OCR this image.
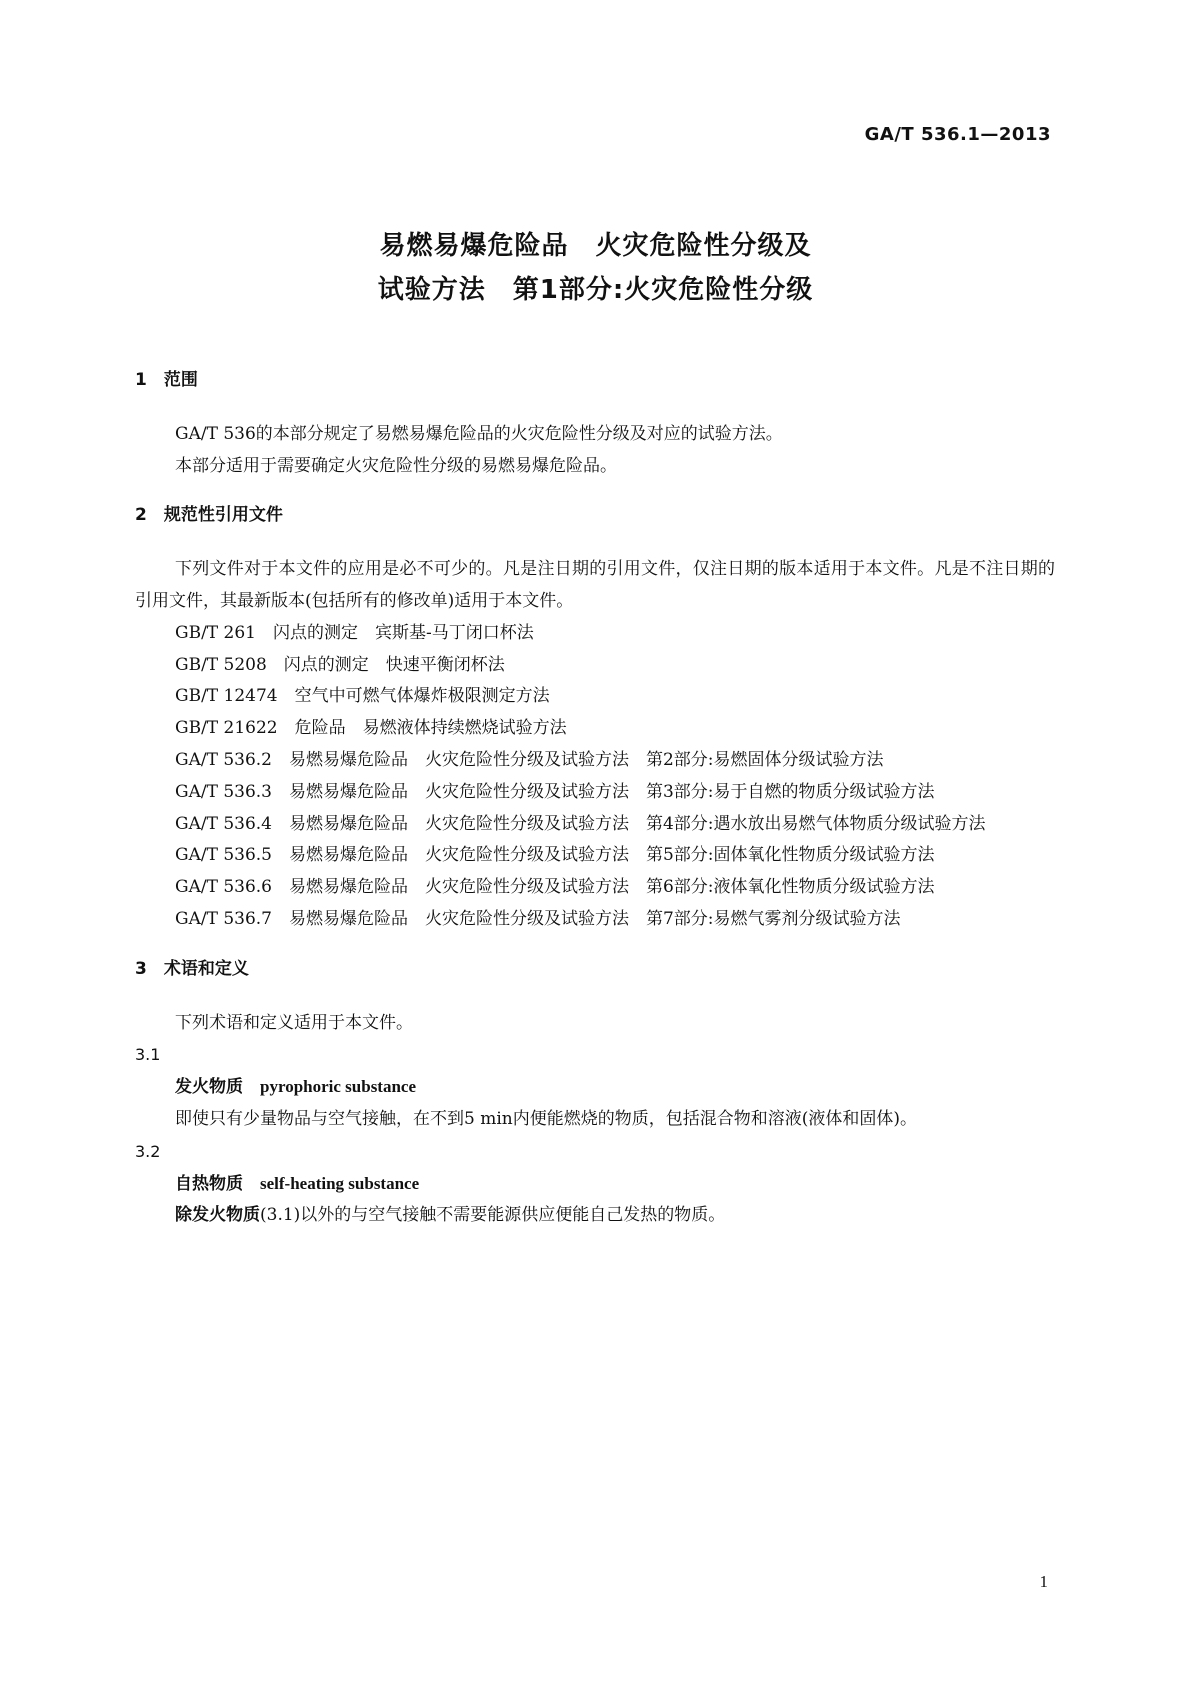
GA/T 536.1—2013
易燃易爆危险品　火灾危险性分级及
试验方法　第1部分:火灾危险性分级
1　范围

GA/T 536的本部分规定了易燃易爆危险品的火灾危险性分级及对应的试验方法。

本部分适用于需要确定火灾危险性分级的易燃易爆危险品。

2　规范性引用文件

下列文件对于本文件的应用是必不可少的。凡是注日期的引用文件，仅注日期的版本适用于本文件。凡是不注日期的引用文件，其最新版本(包括所有的修改单)适用于本文件。

GB/T 261　闪点的测定　宾斯基-马丁闭口杯法

GB/T 5208　闪点的测定　快速平衡闭杯法

GB/T 12474　空气中可燃气体爆炸极限测定方法

GB/T 21622　危险品　易燃液体持续燃烧试验方法

GA/T 536.2　易燃易爆危险品　火灾危险性分级及试验方法　第2部分:易燃固体分级试验方法

GA/T 536.3　易燃易爆危险品　火灾危险性分级及试验方法　第3部分:易于自燃的物质分级试验方法

GA/T 536.4　易燃易爆危险品　火灾危险性分级及试验方法　第4部分:遇水放出易燃气体物质分级试验方法

GA/T 536.5　易燃易爆危险品　火灾危险性分级及试验方法　第5部分:固体氧化性物质分级试验方法

GA/T 536.6　易燃易爆危险品　火灾危险性分级及试验方法　第6部分:液体氧化性物质分级试验方法

GA/T 536.7　易燃易爆危险品　火灾危险性分级及试验方法　第7部分:易燃气雾剂分级试验方法

3　术语和定义

下列术语和定义适用于本文件。

3.1
发火物质　 pyrophoric substance

即使只有少量物品与空气接触，在不到5 min内便能燃烧的物质，包括混合物和溶液(液体和固体)。

3.2
自热物质　 self-heating substance

除发火物质(3.1)以外的与空气接触不需要能源供应便能自己发热的物质。

1
